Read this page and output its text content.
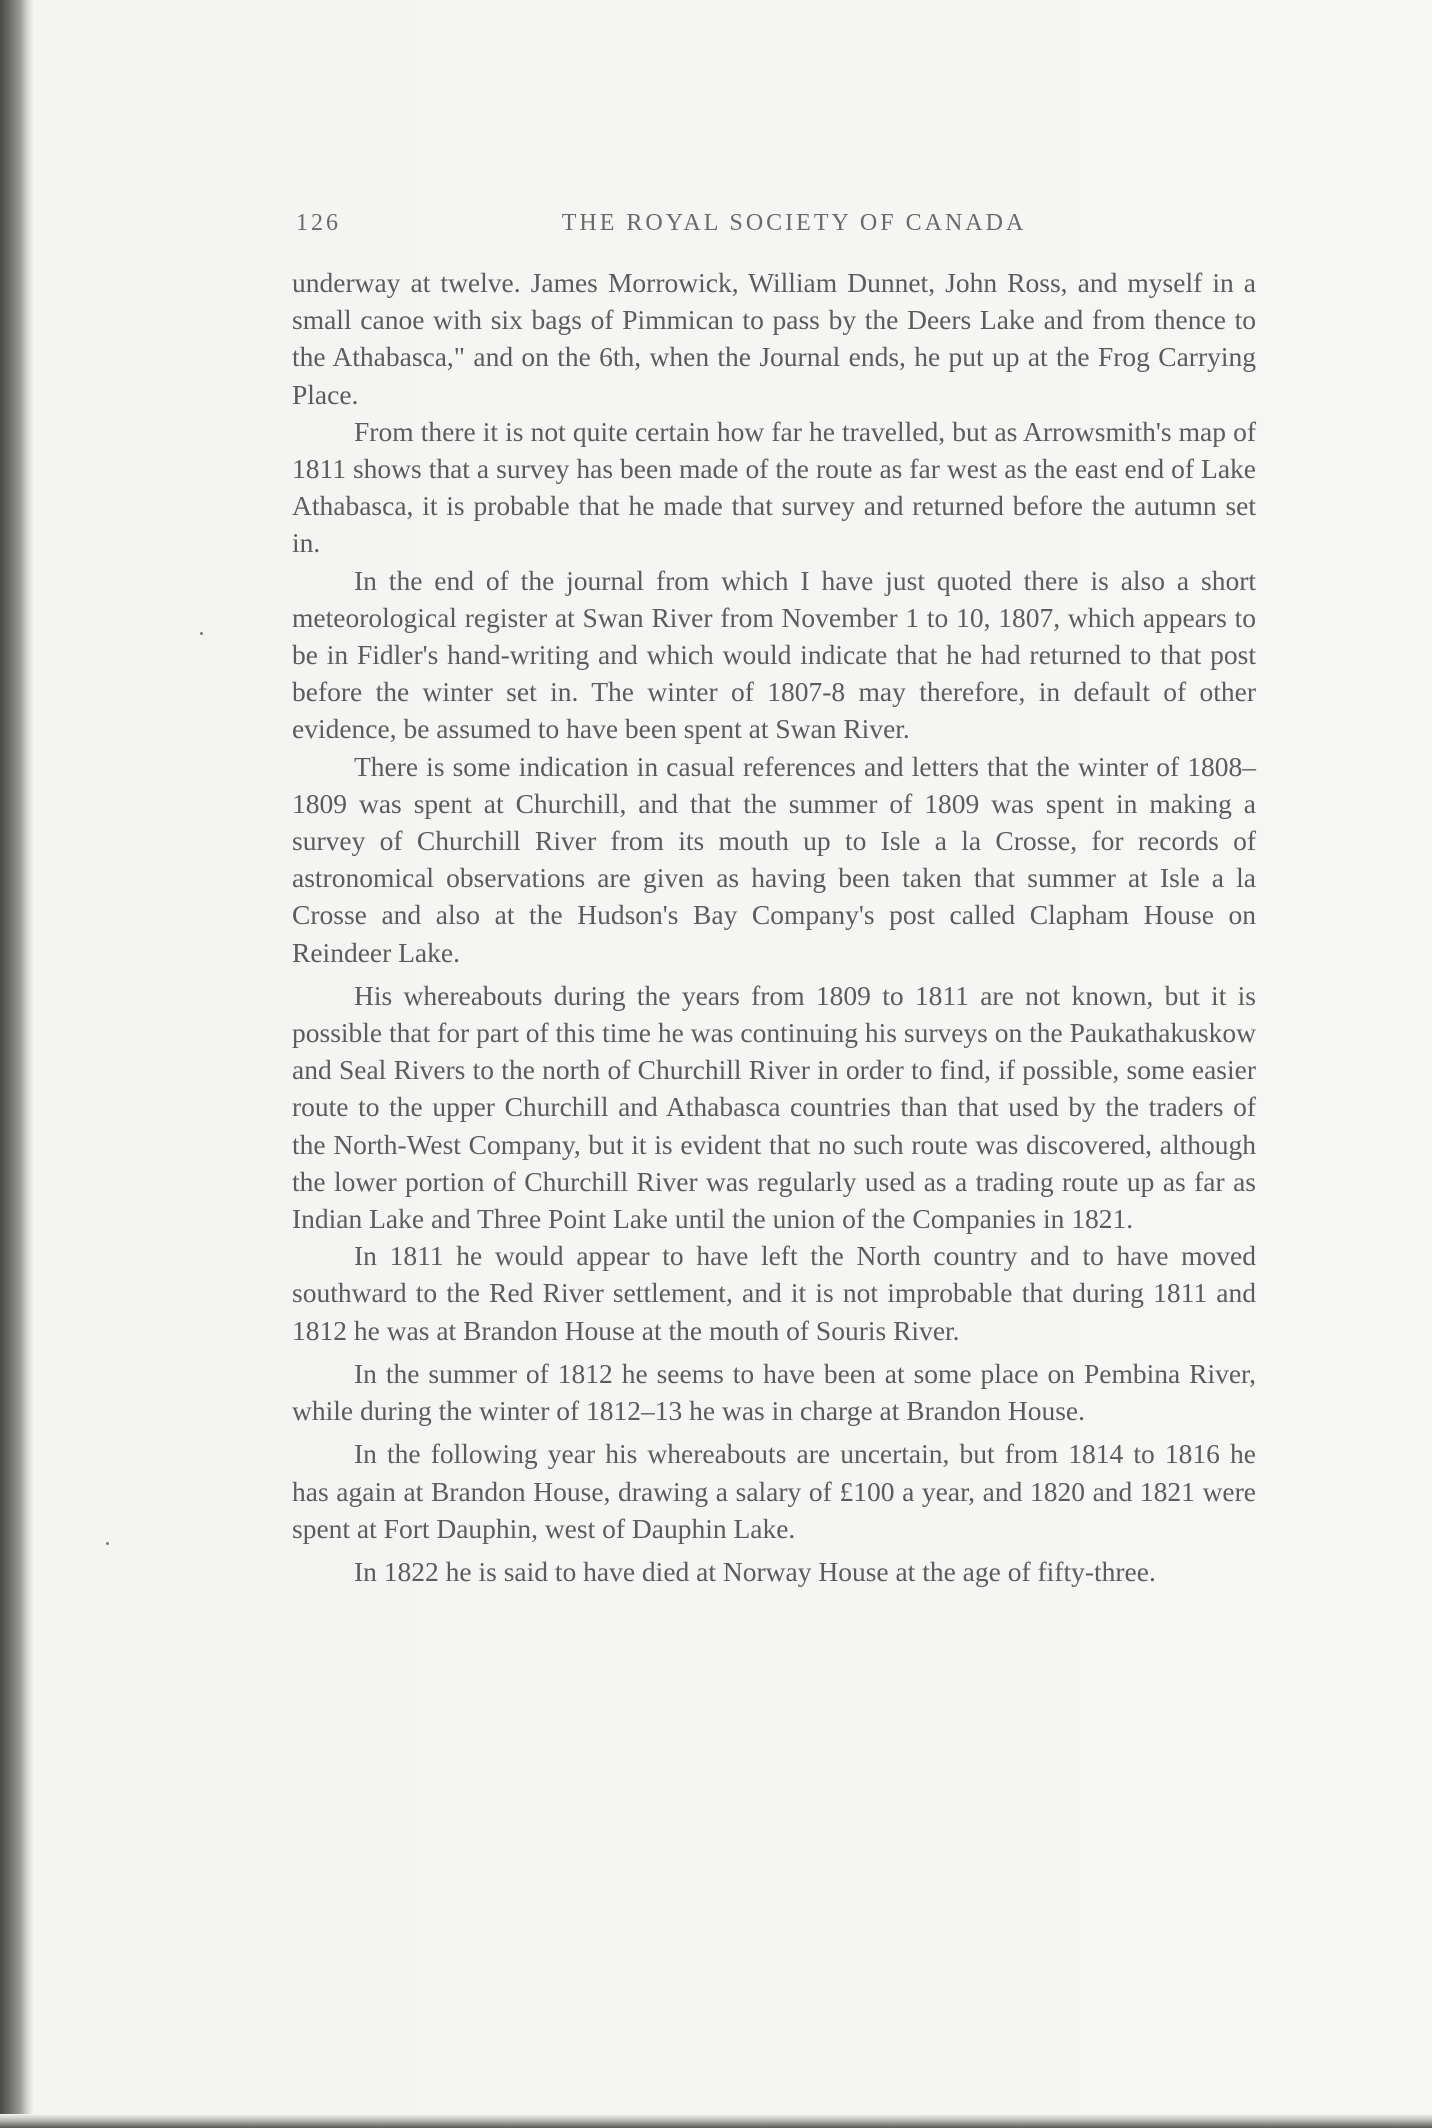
126	THE ROYAL SOCIETY OF CANADA

underway at twelve. James Morrowick, William Dunnet, John Ross, and myself in a small canoe with six bags of Pimmican to pass by the Deers Lake and from thence to the Athabasca," and on the 6th, when the Journal ends, he put up at the Frog Carrying Place.

From there it is not quite certain how far he travelled, but as Arrowsmith's map of 1811 shows that a survey has been made of the route as far west as the east end of Lake Athabasca, it is probable that he made that survey and returned before the autumn set in.

In the end of the journal from which I have just quoted there is also a short meteorological register at Swan River from November 1 to 10, 1807, which appears to be in Fidler's hand-writing and which would indicate that he had returned to that post before the winter set in. The winter of 1807-8 may therefore, in default of other evidence, be assumed to have been spent at Swan River.

There is some indication in casual references and letters that the winter of 1808–1809 was spent at Churchill, and that the summer of 1809 was spent in making a survey of Churchill River from its mouth up to Isle a la Crosse, for records of astronomical observations are given as having been taken that summer at Isle a la Crosse and also at the Hudson's Bay Company's post called Clapham House on Reindeer Lake.

His whereabouts during the years from 1809 to 1811 are not known, but it is possible that for part of this time he was continuing his surveys on the Paukathakuskow and Seal Rivers to the north of Churchill River in order to find, if possible, some easier route to the upper Churchill and Athabasca countries than that used by the traders of the North-West Company, but it is evident that no such route was discovered, although the lower portion of Churchill River was regularly used as a trading route up as far as Indian Lake and Three Point Lake until the union of the Companies in 1821.

In 1811 he would appear to have left the North country and to have moved southward to the Red River settlement, and it is not improbable that during 1811 and 1812 he was at Brandon House at the mouth of Souris River.

In the summer of 1812 he seems to have been at some place on Pembina River, while during the winter of 1812–13 he was in charge at Brandon House.

In the following year his whereabouts are uncertain, but from 1814 to 1816 he has again at Brandon House, drawing a salary of £100 a year, and 1820 and 1821 were spent at Fort Dauphin, west of Dauphin Lake.

In 1822 he is said to have died at Norway House at the age of fifty-three.
